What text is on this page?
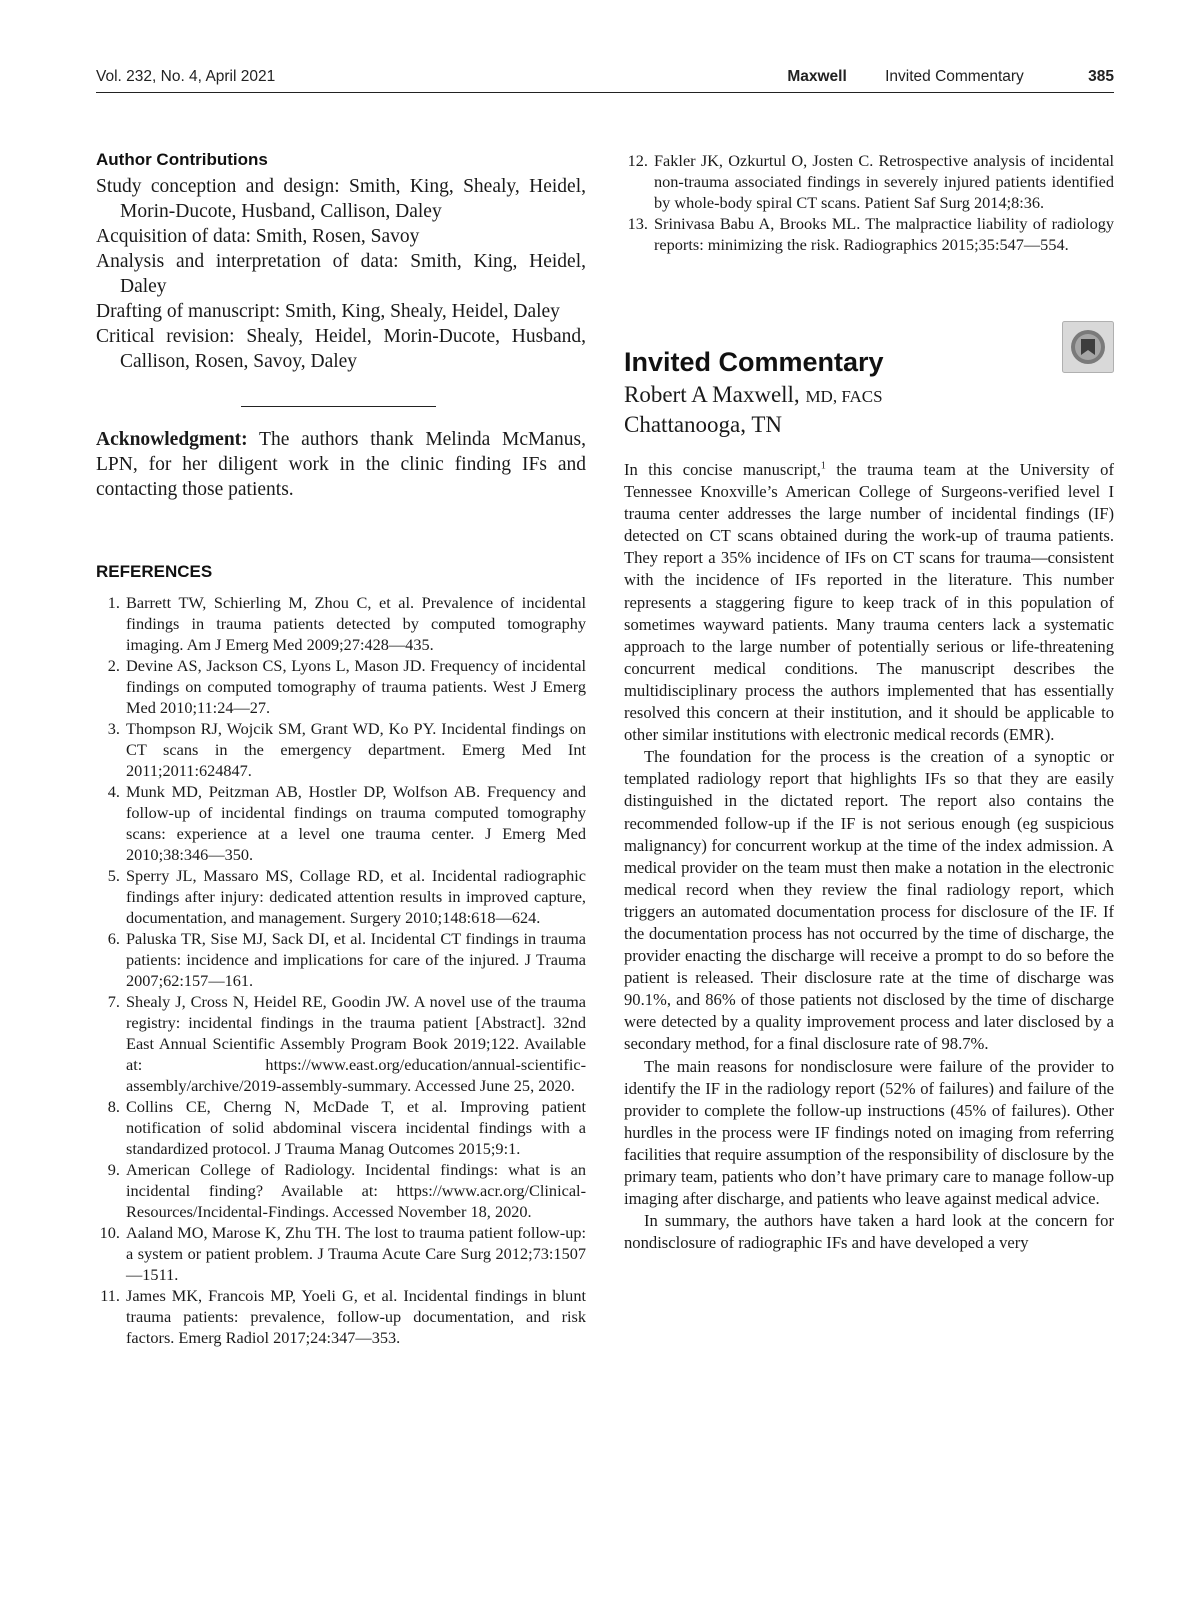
Vol. 232, No. 4, April 2021	Maxwell Invited Commentary	385
Author Contributions
Study conception and design: Smith, King, Shealy, Heidel, Morin-Ducote, Husband, Callison, Daley
Acquisition of data: Smith, Rosen, Savoy
Analysis and interpretation of data: Smith, King, Heidel, Daley
Drafting of manuscript: Smith, King, Shealy, Heidel, Daley
Critical revision: Shealy, Heidel, Morin-Ducote, Husband, Callison, Rosen, Savoy, Daley

Acknowledgment: The authors thank Melinda McManus, LPN, for her diligent work in the clinic finding IFs and contacting those patients.

REFERENCES
1. Barrett TW, Schierling M, Zhou C, et al. Prevalence of incidental findings in trauma patients detected by computed tomography imaging. Am J Emerg Med 2009;27:428—435.
2. Devine AS, Jackson CS, Lyons L, Mason JD. Frequency of incidental findings on computed tomography of trauma patients. West J Emerg Med 2010;11:24—27.
3. Thompson RJ, Wojcik SM, Grant WD, Ko PY. Incidental findings on CT scans in the emergency department. Emerg Med Int 2011;2011:624847.
4. Munk MD, Peitzman AB, Hostler DP, Wolfson AB. Frequency and follow-up of incidental findings on trauma computed tomography scans: experience at a level one trauma center. J Emerg Med 2010;38:346—350.
5. Sperry JL, Massaro MS, Collage RD, et al. Incidental radiographic findings after injury: dedicated attention results in improved capture, documentation, and management. Surgery 2010;148:618—624.
6. Paluska TR, Sise MJ, Sack DI, et al. Incidental CT findings in trauma patients: incidence and implications for care of the injured. J Trauma 2007;62:157—161.
7. Shealy J, Cross N, Heidel RE, Goodin JW. A novel use of the trauma registry: incidental findings in the trauma patient [Abstract]. 32nd East Annual Scientific Assembly Program Book 2019;122. Available at: https://www.east.org/education/annual-scientific-assembly/archive/2019-assembly-summary. Accessed June 25, 2020.
8. Collins CE, Cherng N, McDade T, et al. Improving patient notification of solid abdominal viscera incidental findings with a standardized protocol. J Trauma Manag Outcomes 2015;9:1.
9. American College of Radiology. Incidental findings: what is an incidental finding? Available at: https://www.acr.org/Clinical-Resources/Incidental-Findings. Accessed November 18, 2020.
10. Aaland MO, Marose K, Zhu TH. The lost to trauma patient follow-up: a system or patient problem. J Trauma Acute Care Surg 2012;73:1507—1511.
11. James MK, Francois MP, Yoeli G, et al. Incidental findings in blunt trauma patients: prevalence, follow-up documentation, and risk factors. Emerg Radiol 2017;24:347—353.
12. Fakler JK, Ozkurtul O, Josten C. Retrospective analysis of incidental non-trauma associated findings in severely injured patients identified by whole-body spiral CT scans. Patient Saf Surg 2014;8:36.
13. Srinivasa Babu A, Brooks ML. The malpractice liability of radiology reports: minimizing the risk. Radiographics 2015;35:547—554.
Invited Commentary
Robert A Maxwell, MD, FACS
Chattanooga, TN

In this concise manuscript,$^1$ the trauma team at the University of Tennessee Knoxville’s American College of Surgeons-verified level I trauma center addresses the large number of incidental findings (IF) detected on CT scans obtained during the work-up of trauma patients. They report a 35% incidence of IFs on CT scans for trauma—consistent with the incidence of IFs reported in the literature. This number represents a staggering figure to keep track of in this population of sometimes wayward patients. Many trauma centers lack a systematic approach to the large number of potentially serious or life-threatening concurrent medical conditions. The manuscript describes the multidisciplinary process the authors implemented that has essentially resolved this concern at their institution, and it should be applicable to other similar institutions with electronic medical records (EMR).

The foundation for the process is the creation of a synoptic or templated radiology report that highlights IFs so that they are easily distinguished in the dictated report. The report also contains the recommended follow-up if the IF is not serious enough (eg suspicious malignancy) for concurrent workup at the time of the index admission. A medical provider on the team must then make a notation in the electronic medical record when they review the final radiology report, which triggers an automated documentation process for disclosure of the IF. If the documentation process has not occurred by the time of discharge, the provider enacting the discharge will receive a prompt to do so before the patient is released. Their disclosure rate at the time of discharge was 90.1%, and 86% of those patients not disclosed by the time of discharge were detected by a quality improvement process and later disclosed by a secondary method, for a final disclosure rate of 98.7%.

The main reasons for nondisclosure were failure of the provider to identify the IF in the radiology report (52% of failures) and failure of the provider to complete the follow-up instructions (45% of failures). Other hurdles in the process were IF findings noted on imaging from referring facilities that require assumption of the responsibility of disclosure by the primary team, patients who don’t have primary care to manage follow-up imaging after discharge, and patients who leave against medical advice.

In summary, the authors have taken a hard look at the concern for nondisclosure of radiographic IFs and have developed a very
